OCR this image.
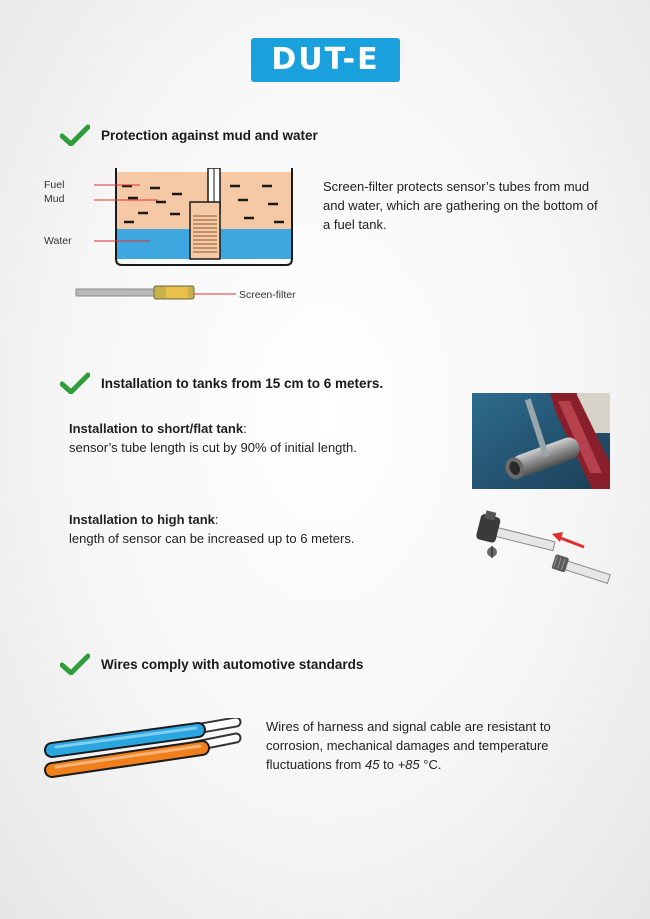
DUT-E
Protection against mud and water
Fuel
Mud
Water
Screen-filter
Screen-filter protects sensor’s tubes from mud and water, which are gathering on the bottom of a fuel tank.
Installation to tanks from 15 cm to 6 meters.
Installation to short/flat tank:
sensor’s tube length is cut by 90% of initial length.
Installation to high tank:
length of sensor can be increased up to 6 meters.
Wires comply with automotive standards
Wires of harness and signal cable are resistant to corrosion, mechanical damages and temperature fluctuations from 45 to +85 °C.
